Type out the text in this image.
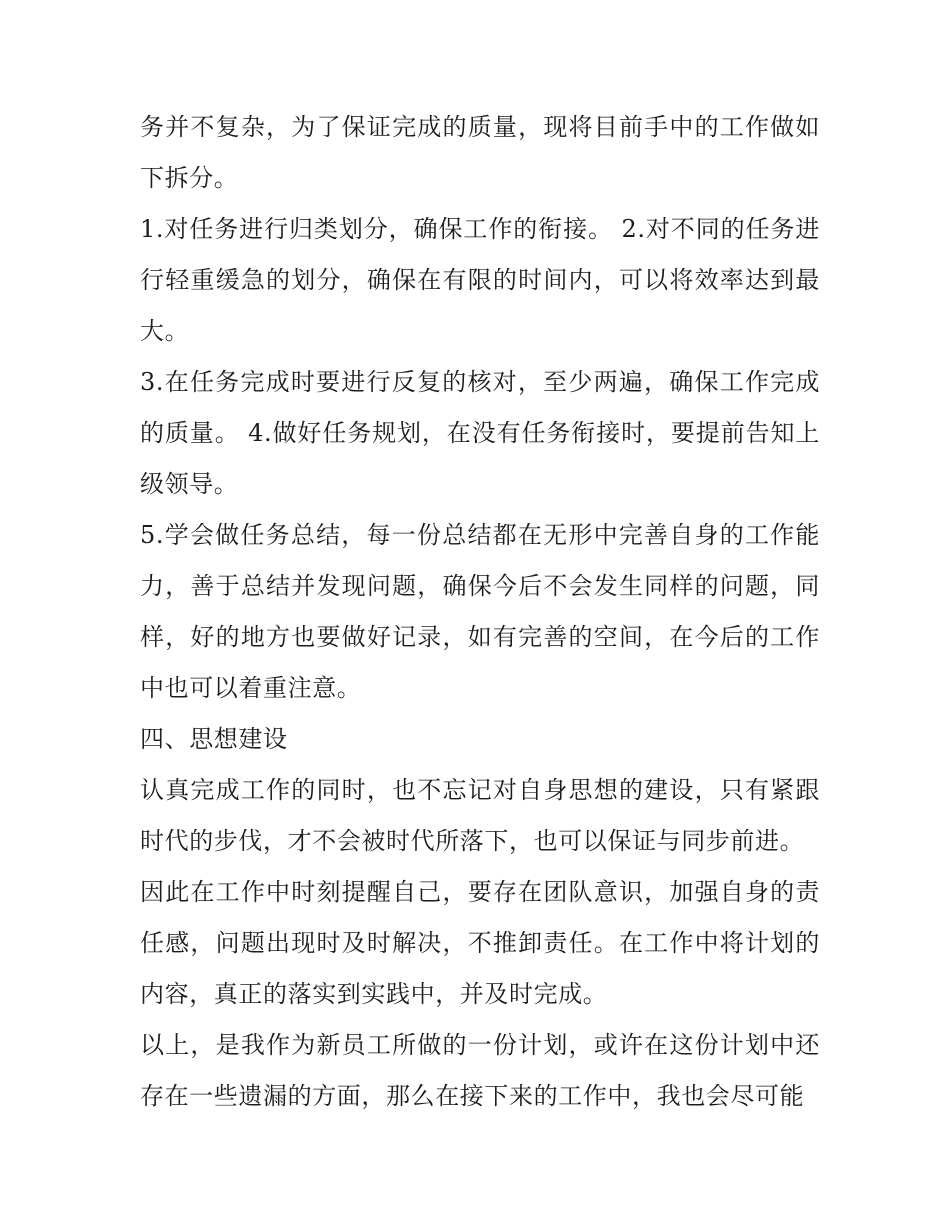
务并不复杂，为了保证完成的质量，现将目前手中的工作做如下拆分。

1.对任务进行归类划分，确保工作的衔接。 2.对不同的任务进行轻重缓急的划分，确保在有限的时间内，可以将效率达到最大。

3.在任务完成时要进行反复的核对，至少两遍，确保工作完成的质量。 4.做好任务规划，在没有任务衔接时，要提前告知上级领导。

5.学会做任务总结，每一份总结都在无形中完善自身的工作能力，善于总结并发现问题，确保今后不会发生同样的问题，同样，好的地方也要做好记录，如有完善的空间，在今后的工作中也可以着重注意。

四、思想建设

认真完成工作的同时，也不忘记对自身思想的建设，只有紧跟时代的步伐，才不会被时代所落下，也可以保证与同步前进。

因此在工作中时刻提醒自己，要存在团队意识，加强自身的责任感，问题出现时及时解决，不推卸责任。在工作中将计划的内容，真正的落实到实践中，并及时完成。

以上，是我作为新员工所做的一份计划，或许在这份计划中还存在一些遗漏的方面，那么在接下来的工作中，我也会尽可能
